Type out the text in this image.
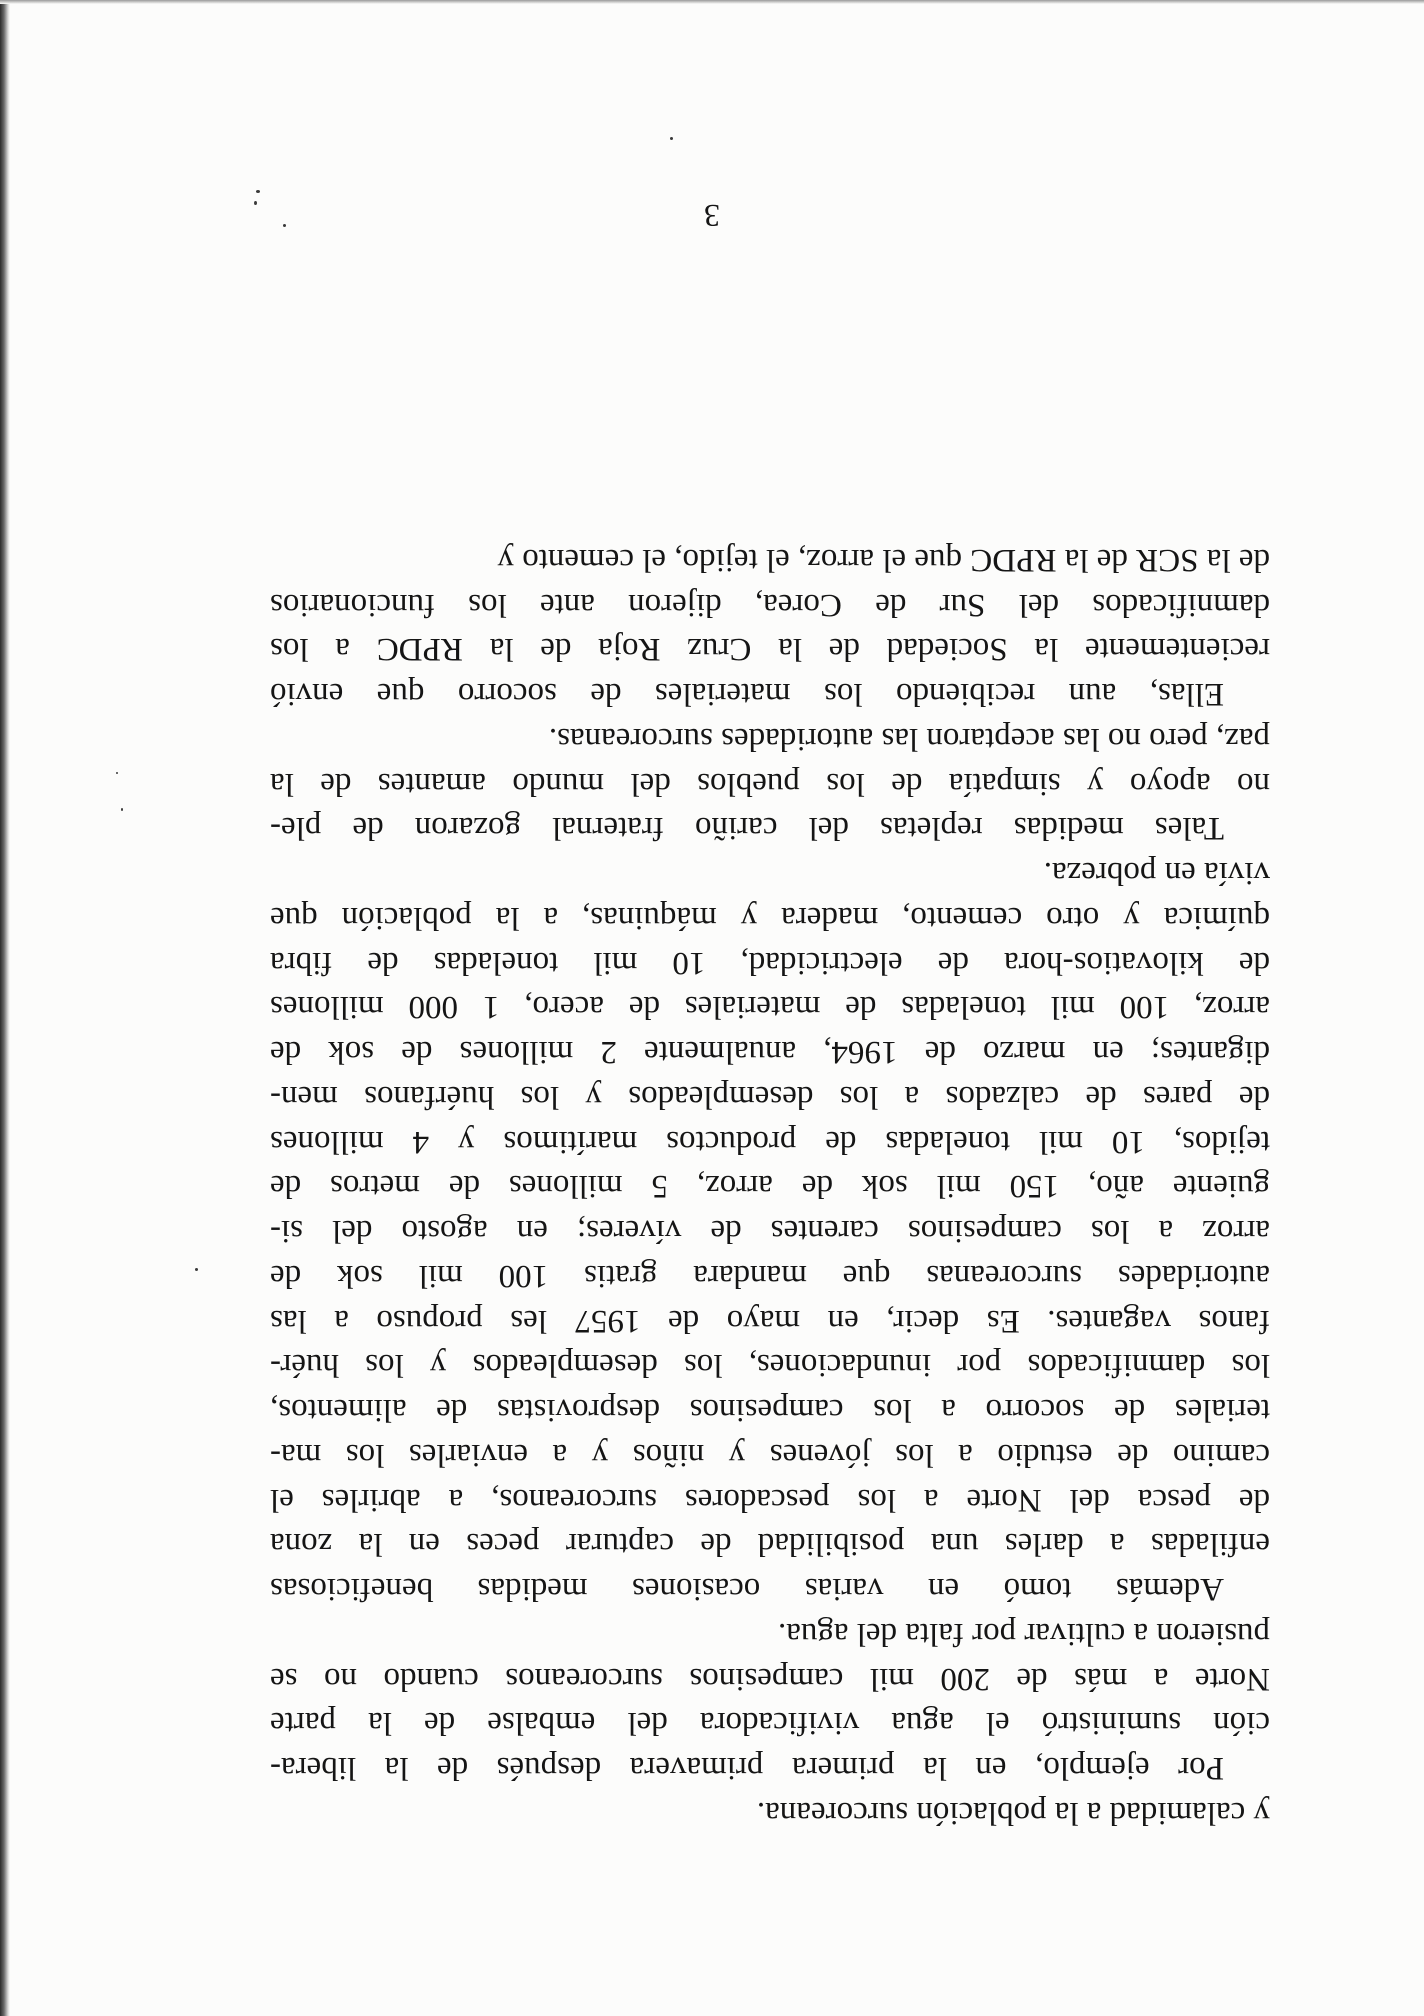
3
y calamidad a la población surcoreana.
Por ejemplo, en la primera primavera después de la libera-
ción suministró el agua vivificadora del embalse de la parte
Norte a más de 200 mil campesinos surcoreanos cuando no se
pusieron a cultivar por falta del agua.
Además tomó en varias ocasiones medidas beneficiosas
enfiladas a darles una posibilidad de capturar peces en la zona
de pesca del Norte a los pescadores surcoreanos, a abrirles el
camino de estudio a los jóvenes y niños y a enviarles los ma-
teriales de socorro a los campesinos desprovistas de alimentos,
los damnificados por inundaciones, los desempleados y los huér-
fanos vagantes. Es decir, en mayo de 1957 les propuso a las
autoridades surcoreanas que mandara gratis 100 mil sok de
arroz a los campesinos carentes de víveres; en agosto del si-
guiente año, 150 mil sok de arroz, 5 millones de metros de
tejidos, 10 mil toneladas de productos marítimos y 4 millones
de pares de calzados a los desempleados y los huérfanos men-
digantes; en marzo de 1964, anualmente 2 millones de sok de
arroz, 100 mil toneladas de materiales de acero, 1 000 millones
de kilovatios-hora de electricidad, 10 mil toneladas de fibra
química y otro cemento, madera y máquinas, a la población que
vivía en pobreza.
Tales medidas repletas del cariño fraternal gozaron de ple-
no apoyo y simpatía de los pueblos del mundo amantes de la
paz, pero no las aceptaron las autoridades surcoreanas.
Ellas, aun recibiendo los materiales de socorro que envió
recientemente la Sociedad de la Cruz Roja de la RPDC a los
damnificados del Sur de Corea, dijeron ante los funcionarios
de la SCR de la RPDC que el arroz, el tejido, el cemento y
